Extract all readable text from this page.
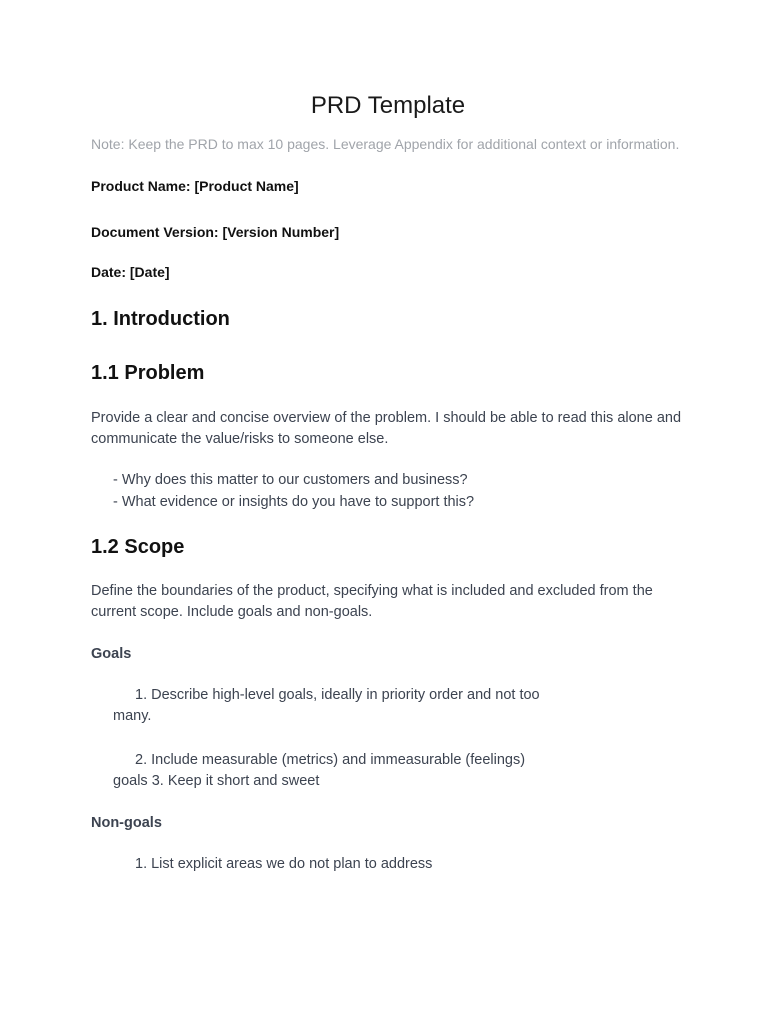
PRD Template

Note: Keep the PRD to max 10 pages. Leverage Appendix for additional context or information.

Product Name: [Product Name]

Document Version: [Version Number]

Date: [Date]

1. Introduction
1.1 Problem

Provide a clear and concise overview of the problem. I should be able to read this alone and communicate the value/risks to someone else.

- Why does this matter to our customers and business?

- What evidence or insights do you have to support this?

1.2 Scope

Define the boundaries of the product, specifying what is included and excluded from the current scope. Include goals and non-goals.

Goals

1. Describe high-level goals, ideally in priority order and not too many.

2. Include measurable (metrics) and immeasurable (feelings) goals 3. Keep it short and sweet

Non-goals

1. List explicit areas we do not plan to address
